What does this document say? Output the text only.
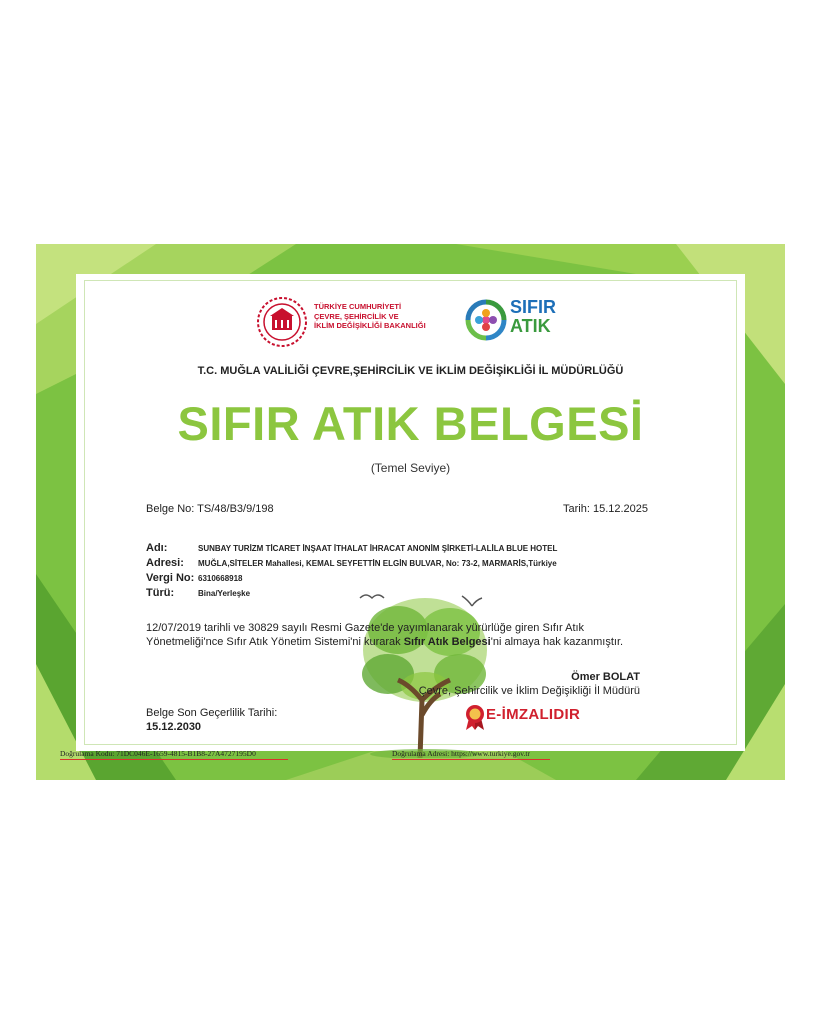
TÜRKİYE CUMHURİYETİ
ÇEVRE, ŞEHİRCİLİK VE
İKLİM DEĞİŞİKLİĞİ BAKANLIĞI
SIFIR
ATIK
T.C. MUĞLA VALİLİĞİ ÇEVRE,ŞEHİRCİLİK VE İKLİM DEĞİŞİKLİĞİ İL MÜDÜRLÜĞÜ
SIFIR ATIK BELGESİ
(Temel Seviye)
Belge No: TS/48/B3/9/198	Tarih: 15.12.2025
Adı:	SUNBAY TURİZM TİCARET İNŞAAT İTHALAT İHRACAT ANONİM ŞİRKETİ-LALİLA BLUE HOTEL
Adresi: MUĞLA,SİTELER Mahallesi, KEMAL SEYFETTİN ELGİN BULVAR, No: 73-2, MARMARİS,Türkiye
Vergi No: 6310668918
Türü:	Bina/Yerleşke
12/07/2019 tarihli ve 30829 sayılı Resmi Gazete'de yayımlanarak yürürlüğe giren Sıfır Atık
Yönetmeliği'nce Sıfır Atık Yönetim Sistemi'ni kurarak Sıfır Atık Belgesi'ni almaya hak kazanmıştır.
Ömer BOLAT
Çevre, Şehircilik ve İklim Değişikliği İl Müdürü
E-İMZALIDIR
Belge Son Geçerlilik Tarihi:
15.12.2030
Doğrulama Kodu: 71DC046E-1659-4815-B1B8-27A4727195D0	Doğrulama Adresi: https://www.turkiye.gov.tr
